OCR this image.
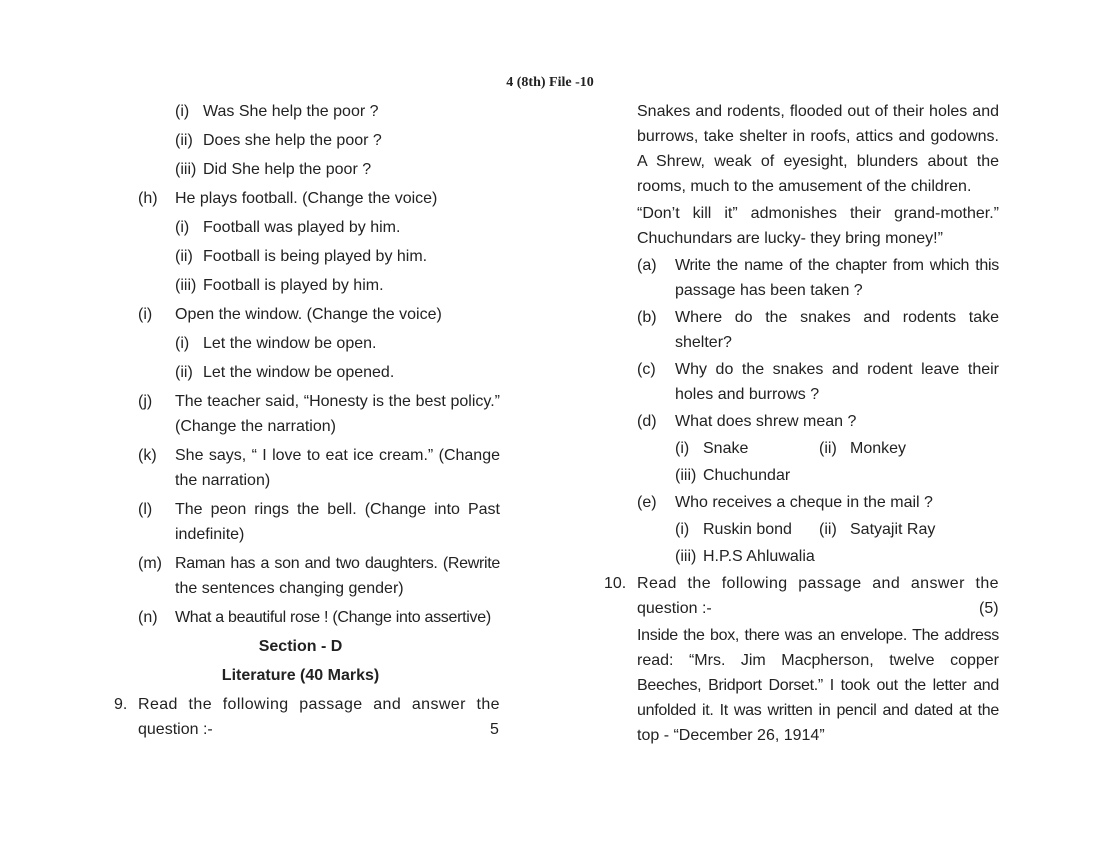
4 (8th) File -10
(i) Was She help the poor ?
(ii) Does she help the poor ?
(iii) Did She help the poor ?
(h) He plays football. (Change the voice)
(i) Football was played by him.
(ii) Football is being played by him.
(iii) Football is played by him.
(i) Open the window. (Change the voice)
(i) Let the window be open.
(ii) Let the window be opened.
(j) The teacher said, “Honesty is the best policy.”
(Change the narration)
(k) She says, “ I love to eat ice cream.” (Change
the narration)
(l) The peon rings the bell. (Change into Past
indefinite)
(m) Raman has a son and two daughters. (Rewrite
the sentences changing gender)
(n) What a beautiful rose ! (Change into assertive)
Section - D
Literature (40 Marks)
9. Read the following passage and answer the
question :-	5
Snakes and rodents, flooded out of their holes and
burrows, take shelter in roofs, attics and godowns.
A Shrew, weak of eyesight, blunders about the
rooms, much to the amusement of the children.
“Don’t kill it” admonishes their grand-mother.”
Chuchundars are lucky- they bring money!”
(a) Write the name of the chapter from which this
passage has been taken ?
(b) Where do the snakes and rodents take
shelter?
(c) Why do the snakes and rodent leave their
holes and burrows ?
(d) What does shrew mean ?
(i) Snake	(ii) Monkey
(iii) Chuchundar
(e) Who receives a cheque in the mail ?
(i) Ruskin bond (ii) Satyajit Ray
(iii) H.P.S Ahluwalia
10. Read the following passage and answer the
question :-	(5)
Inside the box, there was an envelope. The address
read: “Mrs. Jim Macpherson, twelve copper
Beeches, Bridport Dorset.” I took out the letter and
unfolded it. It was written in pencil and dated at the
top - “December 26, 1914”
